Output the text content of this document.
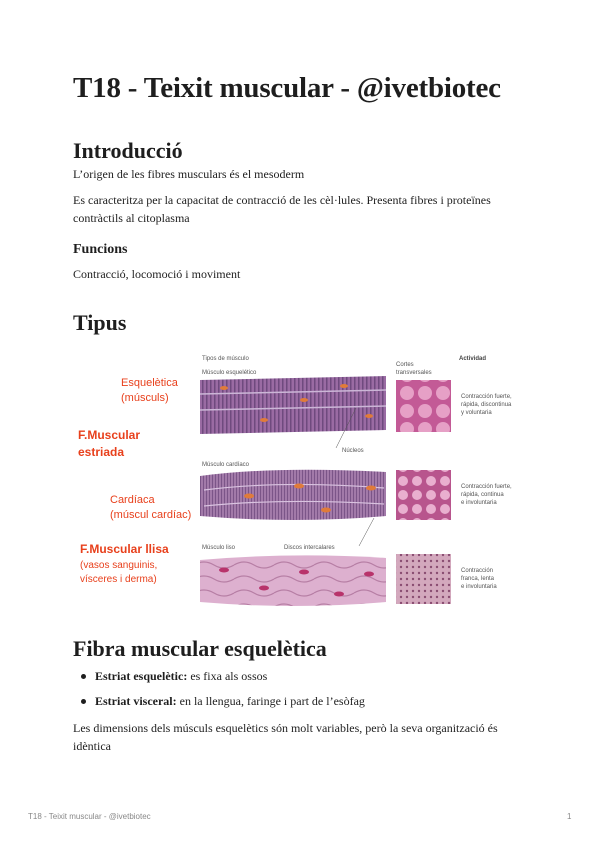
T18 - Teixit muscular - @ivetbiotec
Introducció

L’origen de les fibres musculars és el mesoderm

Es caracteritza per la capacitat de contracció de les cèl·lules. Presenta fibres i proteïnes contràctils al citoplasma

Funcions

Contracció, locomoció i moviment

Tipus
Fibra muscular esquelètica
Estriat esquelètic: es fixa als ossos
Estriat visceral: en la llengua, faringe i part de l’esòfag

Les dimensions dels músculs esquelètics són molt variables, però la seva organització és idèntica

Tipos de músculo
Cortes
transversales
Actividad
Músculo esquelético
Contracción fuerte,
rápida, discontinua
y voluntaria
Núcleos
Músculo cardíaco
Contracción fuerte,
rápida, continua
e involuntaria
Músculo liso	Discos intercalares
Contracción
franca, lenta
e involuntaria
Esquelètica
(músculs)
F.Muscular
estriada
Cardíaca
(múscul cardíac)
F.Muscular llisa
(vasos sanguinis,
vísceres i derma)
T18 - Teixit muscular - @ivetbiotec	1
